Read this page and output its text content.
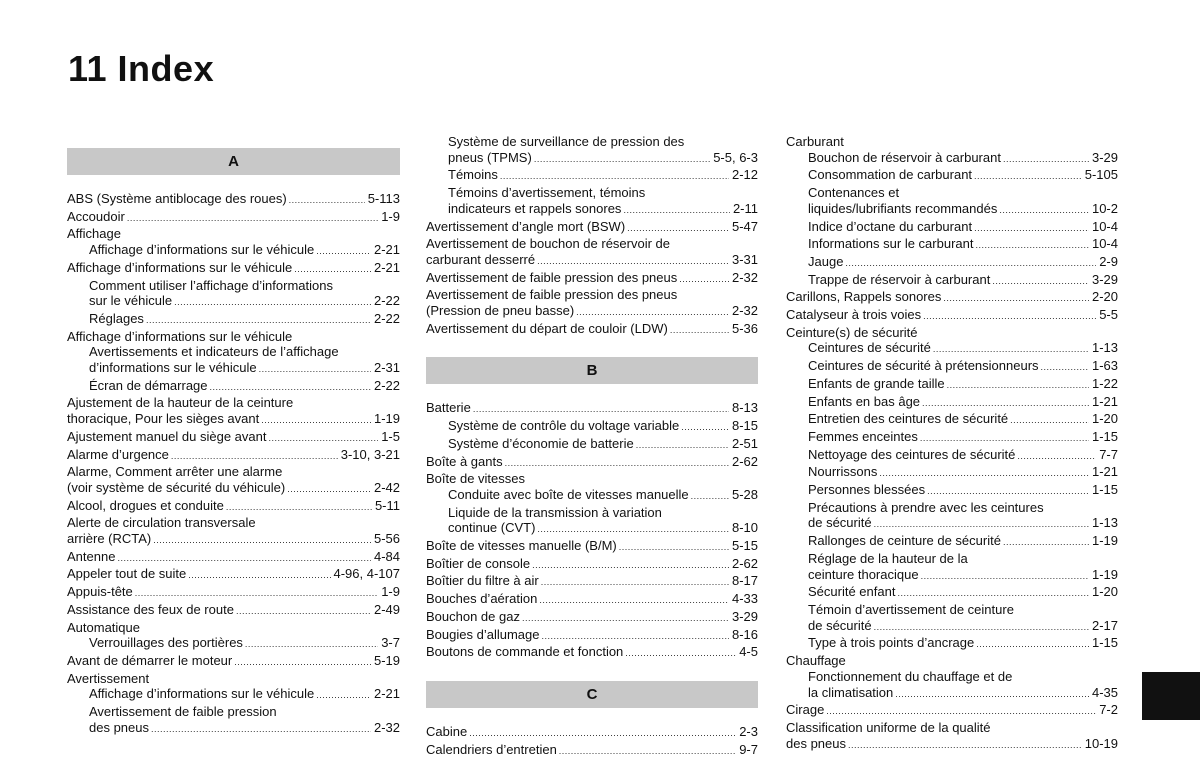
11 Index
A
ABS (Système antiblocage des roues) .....	5-113
Accoudoir .....	1-9
Affichage
Affichage d’informations sur le véhicule .....	2-21
Affichage d’informations sur le véhicule .....	2-21
Comment utiliser l’affichage d’informations
sur le véhicule .....	2-22
Réglages .....	2-22
Affichage d’informations sur le véhicule
Avertissements et indicateurs de l’affichage
d’informations sur le véhicule .....	2-31
Écran de démarrage .....	2-22
Ajustement de la hauteur de la ceinture
thoracique, Pour les sièges avant .....	1-19
Ajustement manuel du siège avant .....	1-5
Alarme d’urgence .....	3-10, 3-21
Alarme, Comment arrêter une alarme
(voir système de sécurité du véhicule) .....	2-42
Alcool, drogues et conduite .....	5-11
Alerte de circulation transversale
arrière (RCTA) .....	5-56
Antenne .....	4-84
Appeler tout de suite .....	4-96, 4-107
Appuis-tête .....	1-9
Assistance des feux de route .....	2-49
Automatique
Verrouillages des portières .....	3-7
Avant de démarrer le moteur .....	5-19
Avertissement
Affichage d’informations sur le véhicule .....	2-21
Avertissement de faible pression
des pneus .....	2-32
Système de surveillance de pression des
pneus (TPMS) .....	5-5, 6-3
Témoins .....	2-12
Témoins d’avertissement, témoins
indicateurs et rappels sonores .....	2-11
Avertissement d’angle mort (BSW) .....	5-47
Avertissement de bouchon de réservoir de
carburant desserré .....	3-31
Avertissement de faible pression des pneus .....	2-32
Avertissement de faible pression des pneus
(Pression de pneu basse) .....	2-32
Avertissement du départ de couloir (LDW) .....	5-36
B
Batterie .....	8-13
Système de contrôle du voltage variable .....	8-15
Système d’économie de batterie .....	2-51
Boîte à gants .....	2-62
Boîte de vitesses
Conduite avec boîte de vitesses manuelle .....	5-28
Liquide de la transmission à variation
continue (CVT) .....	8-10
Boîte de vitesses manuelle (B/M) .....	5-15
Boîtier de console .....	2-62
Boîtier du filtre à air .....	8-17
Bouches d’aération .....	4-33
Bouchon de gaz .....	3-29
Bougies d’allumage .....	8-16
Boutons de commande et fonction .....	4-5
C
Cabine .....	2-3
Calendriers d’entretien .....	9-7
Carburant
Bouchon de réservoir à carburant .....	3-29
Consommation de carburant .....	5-105
Contenances et
liquides/lubrifiants recommandés .....	10-2
Indice d’octane du carburant .....	10-4
Informations sur le carburant .....	10-4
Jauge .....	2-9
Trappe de réservoir à carburant .....	3-29
Carillons, Rappels sonores .....	2-20
Catalyseur à trois voies .....	5-5
Ceinture(s) de sécurité
Ceintures de sécurité .....	1-13
Ceintures de sécurité à prétensionneurs .....	1-63
Enfants de grande taille .....	1-22
Enfants en bas âge .....	1-21
Entretien des ceintures de sécurité .....	1-20
Femmes enceintes .....	1-15
Nettoyage des ceintures de sécurité .....	7-7
Nourrissons .....	1-21
Personnes blessées .....	1-15
Précautions à prendre avec les ceintures
de sécurité .....	1-13
Rallonges de ceinture de sécurité .....	1-19
Réglage de la hauteur de la
ceinture thoracique .....	1-19
Sécurité enfant .....	1-20
Témoin d’avertissement de ceinture
de sécurité .....	2-17
Type à trois points d’ancrage .....	1-15
Chauffage
Fonctionnement du chauffage et de
la climatisation .....	4-35
Cirage .....	7-2
Classification uniforme de la qualité
des pneus .....	10-19
